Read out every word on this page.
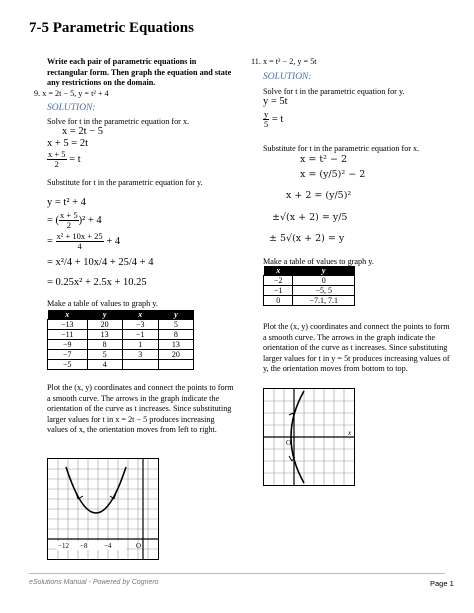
7-5 Parametric Equations
Write each pair of parametric equations in rectangular form. Then graph the equation and state any restrictions on the domain.
9. x = 2t − 5, y = t² + 4
SOLUTION:
Solve for t in the parametric equation for x.
x = 2t − 5
x + 5 = 2t
$\frac{x + 5}{2} = t$
Substitute for t in the parametric equation for y.
y = t² + 4
= ( $\frac{x + 5}{2} )^2 + 4$
= $\frac{\text{x² + 10x + 25}}{4} + 4$
= x²/4 + 10x/4 + 25/4 + 4
= 0.25x² + 2.5x + 10.25
Make a table of values to graph y.
x	y	x	y
−13	20	−3	5
−11	13	−1	8
−9	8	1	13
−7	5	3	20
−5	4		
Plot the (x, y) coordinates and connect the points to form a smooth curve. The arrows in the graph indicate the orientation of the curve as t increases. Since substituting larger values for t in x = 2t − 5 produces increasing values of x, the orientation moves from left to right.
−12 −8 −4	O
11. x = t² − 2, y = 5t
SOLUTION:
Solve for t in the parametric equation for y.
y = 5t
$\frac{y}{5} = t$
Substitute for t in the parametric equation for x.
x = t² − 2
x = (y/5)² − 2
x + 2 = (y/5)²
±√(x + 2) = y/5
± 5√(x + 2) = y
Make a table of values to graph y.
x	y
−2	0
−1	−5, 5
0	−7.1, 7.1
Plot the (x, y) coordinates and connect the points to form a smooth curve. The arrows in the graph indicate the orientation of the curve as t increases. Since substituting larger values for t in y = 5t produces increasing values of y, the orientation moves from bottom to top.
O
x
eSolutions Manual - Powered by Cognero	Page 1
